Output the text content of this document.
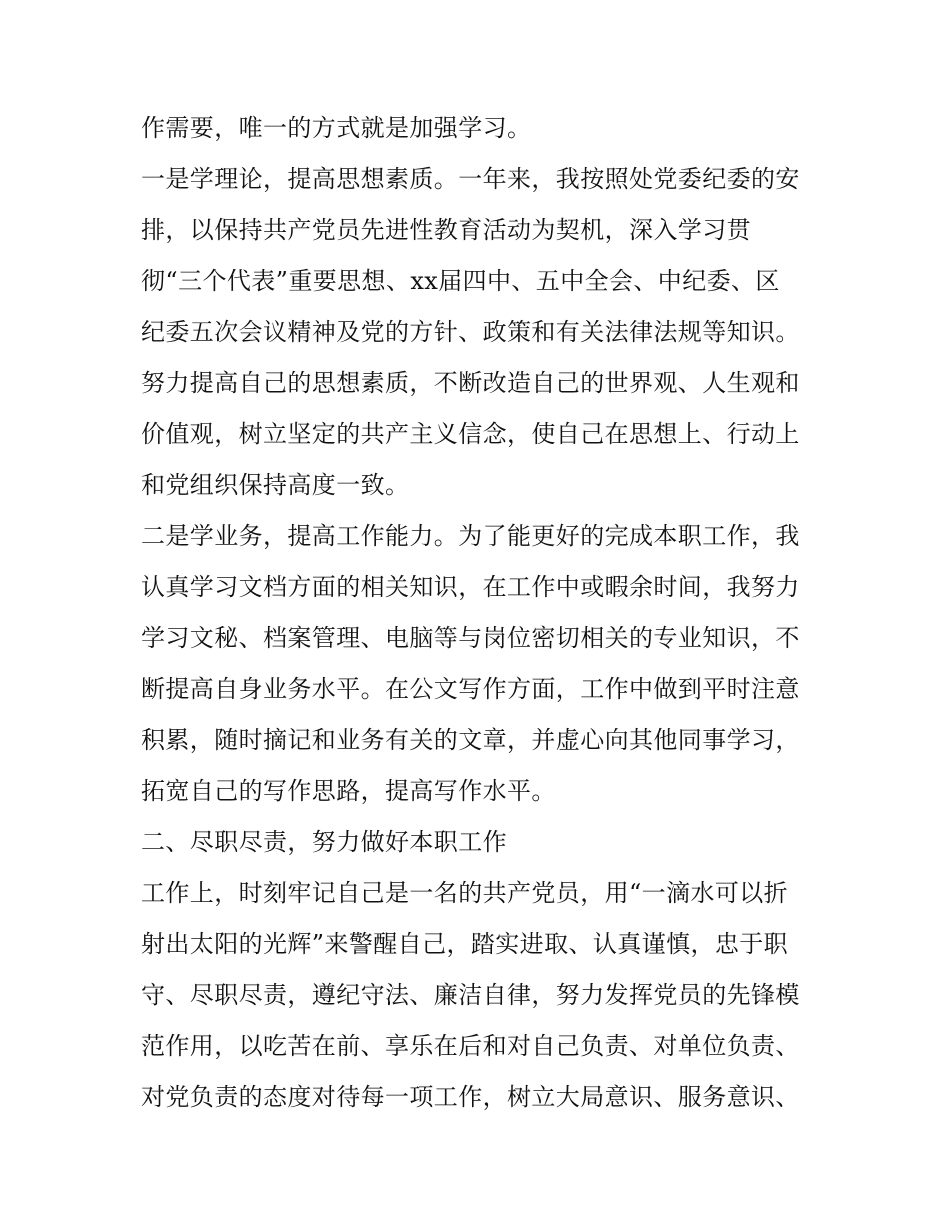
作需要，唯一的方式就是加强学习。
一是学理论，提高思想素质。一年来，我按照处党委纪委的安
排，以保持共产党员先进性教育活动为契机，深入学习贯
彻“三个代表”重要思想、xx届四中、五中全会、中纪委、区
纪委五次会议精神及党的方针、政策和有关法律法规等知识。
努力提高自己的思想素质，不断改造自己的世界观、人生观和
价值观，树立坚定的共产主义信念，使自己在思想上、行动上
和党组织保持高度一致。
二是学业务，提高工作能力。为了能更好的完成本职工作，我
认真学习文档方面的相关知识，在工作中或暇余时间，我努力
学习文秘、档案管理、电脑等与岗位密切相关的专业知识，不
断提高自身业务水平。在公文写作方面，工作中做到平时注意
积累，随时摘记和业务有关的文章，并虚心向其他同事学习，
拓宽自己的写作思路，提高写作水平。
二、尽职尽责，努力做好本职工作
工作上，时刻牢记自己是一名的共产党员，用“一滴水可以折
射出太阳的光辉”来警醒自己，踏实进取、认真谨慎，忠于职
守、尽职尽责，遵纪守法、廉洁自律，努力发挥党员的先锋模
范作用，以吃苦在前、享乐在后和对自己负责、对单位负责、
对党负责的态度对待每一项工作，树立大局意识、服务意识、
